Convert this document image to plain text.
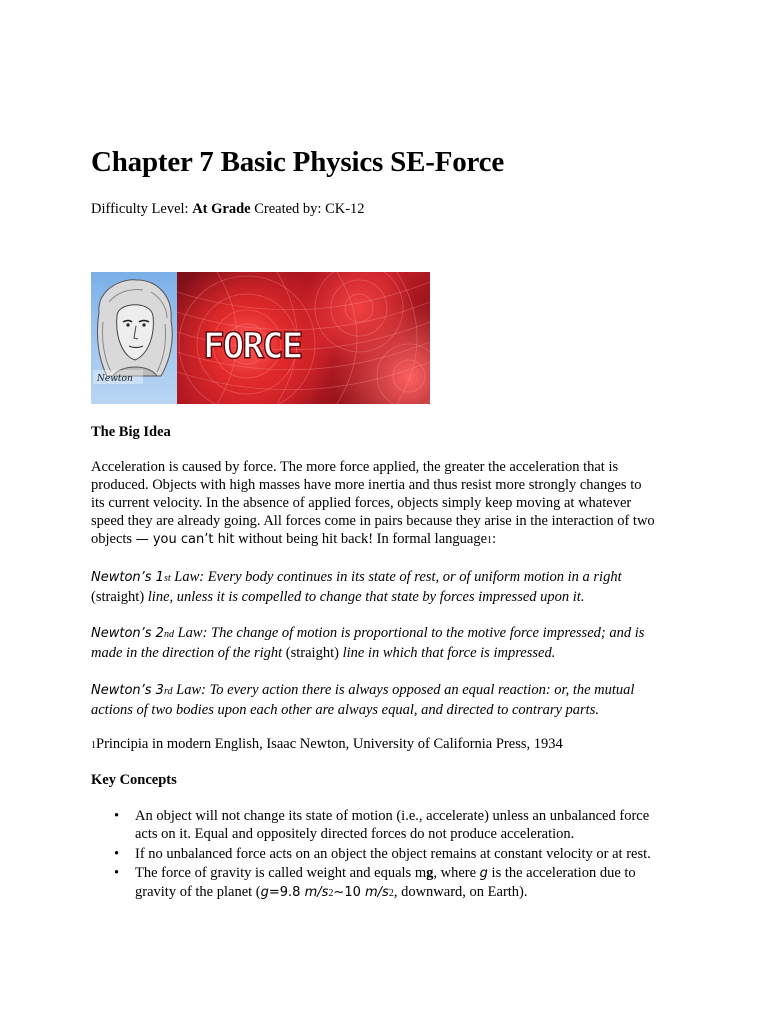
Chapter 7 Basic Physics SE-Force
Difficulty Level: At Grade Created by: CK-12
Newton
FORCE
The Big Idea
Acceleration is caused by force. The more force applied, the greater the acceleration that is
produced. Objects with high masses have more inertia and thus resist more strongly changes to
its current velocity. In the absence of applied forces, objects simply keep moving at whatever
speed they are already going. All forces come in pairs because they arise in the interaction of two
objects — you can’t hit without being hit back! In formal language1:
Newton’s 1st Law: Every body continues in its state of rest, or of uniform motion in a right
(straight) line, unless it is compelled to change that state by forces impressed upon it.
Newton’s 2nd Law: The change of motion is proportional to the motive force impressed; and is
made in the direction of the right (straight) line in which that force is impressed.
Newton’s 3rd Law: To every action there is always opposed an equal reaction: or, the mutual
actions of two bodies upon each other are always equal, and directed to contrary parts.
1Principia in modern English, Isaac Newton, University of California Press, 1934
Key Concepts
• An object will not change its state of motion (i.e., accelerate) unless an unbalanced force
acts on it. Equal and oppositely directed forces do not produce acceleration.
• If no unbalanced force acts on an object the object remains at constant velocity or at rest.
• The force of gravity is called weight and equals mg, where g is the acceleration due to
gravity of the planet (g=9.8 m/s2~10 m/s2, downward, on Earth).
